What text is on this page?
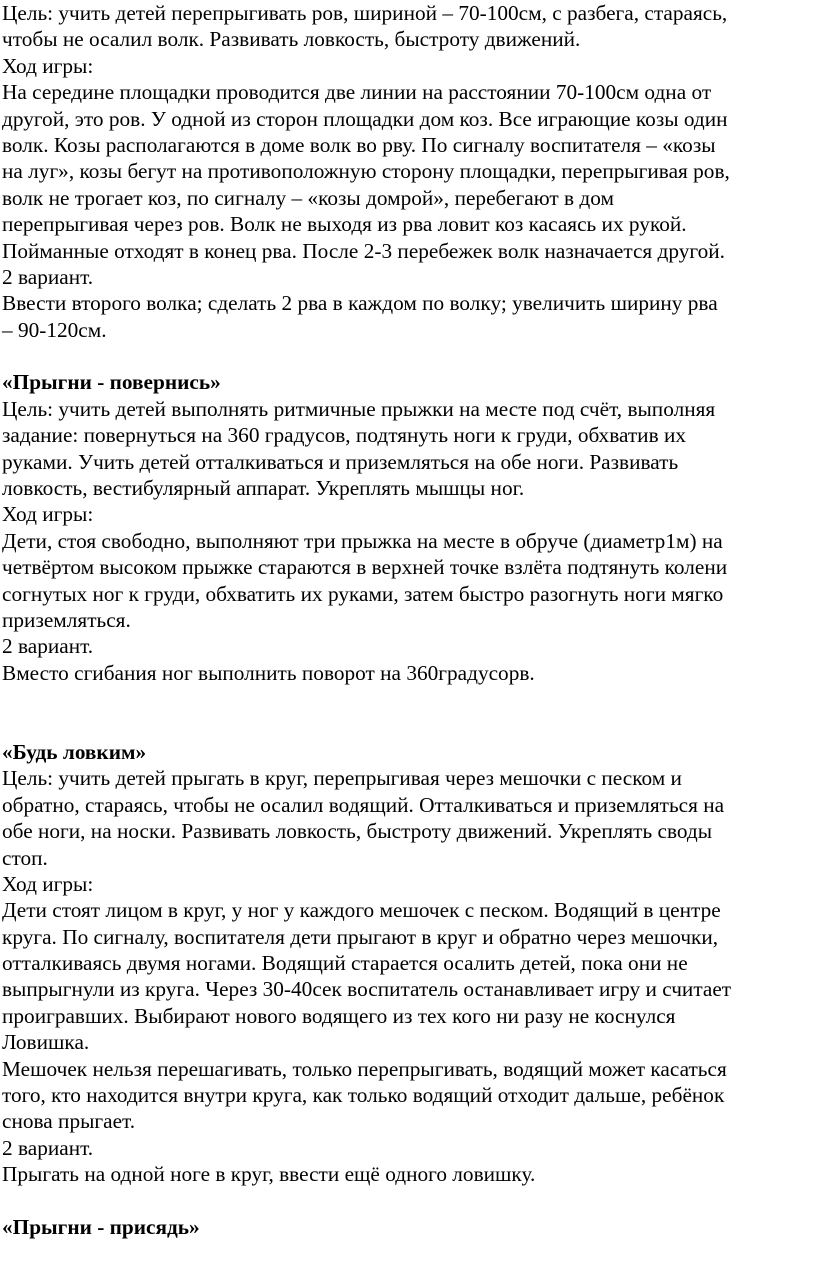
Цель: учить детей перепрыгивать ров, шириной – 70-100см, с разбега, стараясь,
чтобы не осалил волк. Развивать ловкость, быстроту движений.
Ход игры:
На середине площадки проводится две линии на расстоянии 70-100см одна от
другой, это ров. У одной из сторон площадки дом коз. Все играющие козы один
волк. Козы располагаются в доме волк во рву. По сигналу воспитателя – «козы
на луг», козы бегут на противоположную сторону площадки, перепрыгивая ров,
волк не трогает коз, по сигналу – «козы домрой», перебегают в дом
перепрыгивая через ров. Волк не выходя из рва ловит коз касаясь их рукой.
Пойманные отходят в конец рва. После 2-3 перебежек волк назначается другой.
2 вариант.
Ввести второго волка; сделать 2 рва в каждом по волку; увеличить ширину рва
– 90-120см.
«Прыгни - повернись»
Цель: учить детей выполнять ритмичные прыжки на месте под счёт, выполняя
задание: повернуться на 360 градусов, подтянуть ноги к груди, обхватив их
руками. Учить детей отталкиваться и приземляться на обе ноги. Развивать
ловкость, вестибулярный аппарат. Укреплять мышцы ног.
Ход игры:
Дети, стоя свободно, выполняют три прыжка на месте в обруче (диаметр1м) на
четвёртом высоком прыжке стараются в верхней точке взлёта подтянуть колени
согнутых ног к груди, обхватить их руками, затем быстро разогнуть ноги мягко
приземляться.
2 вариант.
Вместо сгибания ног выполнить поворот на 360градусорв.
«Будь ловким»
Цель: учить детей прыгать в круг, перепрыгивая через мешочки с песком и
обратно, стараясь, чтобы не осалил водящий. Отталкиваться и приземляться на
обе ноги, на носки. Развивать ловкость, быстроту движений. Укреплять своды
стоп.
Ход игры:
Дети стоят лицом в круг, у ног у каждого мешочек с песком. Водящий в центре
круга. По сигналу, воспитателя дети прыгают в круг и обратно через мешочки,
отталкиваясь двумя ногами. Водящий старается осалить детей, пока они не
выпрыгнули из круга. Через 30-40сек воспитатель останавливает игру и считает
проигравших. Выбирают нового водящего из тех кого ни разу не коснулся
Ловишка.
Мешочек нельзя перешагивать, только перепрыгивать, водящий может касаться
того, кто находится внутри круга, как только водящий отходит дальше, ребёнок
снова прыгает.
2 вариант.
Прыгать на одной ноге в круг, ввести ещё одного ловишку.
«Прыгни - присядь»
